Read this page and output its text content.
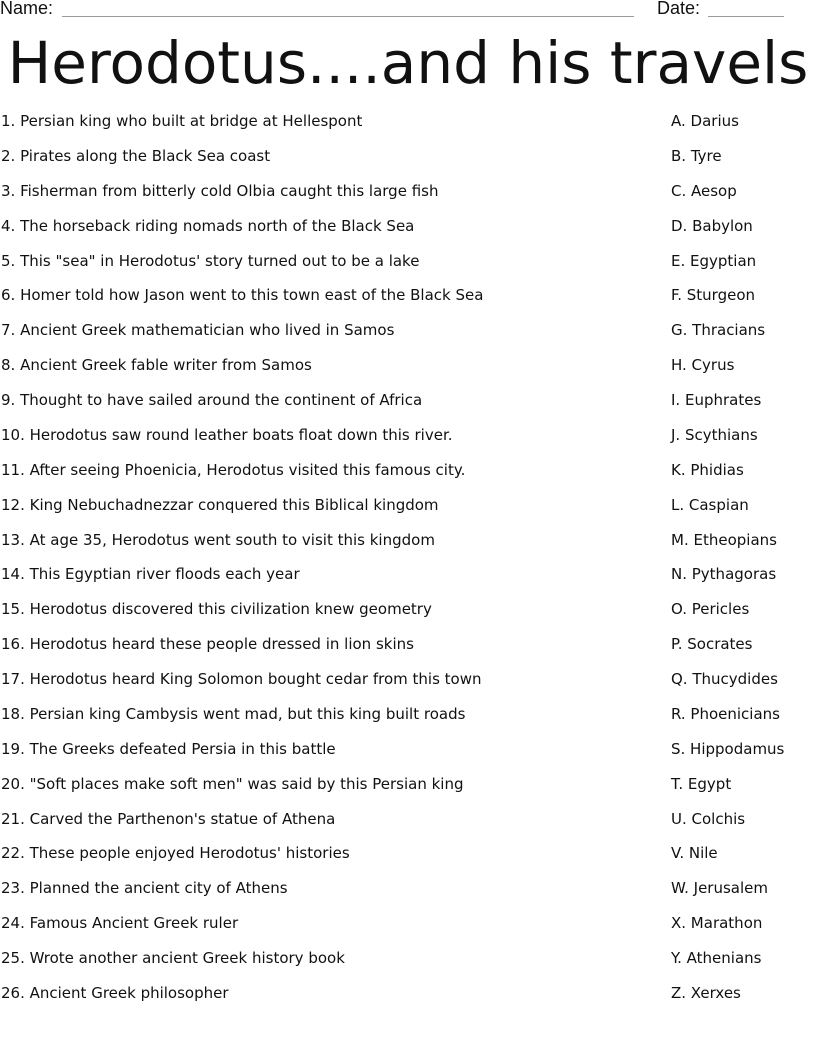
Name:	Date:
Herodotus....and his travels
1. Persian king who built at bridge at Hellespont
2. Pirates along the Black Sea coast
3. Fisherman from bitterly cold Olbia caught this large fish
4. The horseback riding nomads north of the Black Sea
5. This "sea" in Herodotus' story turned out to be a lake
6. Homer told how Jason went to this town east of the Black Sea
7. Ancient Greek mathematician who lived in Samos
8. Ancient Greek fable writer from Samos
9. Thought to have sailed around the continent of Africa
10. Herodotus saw round leather boats float down this river.
11. After seeing Phoenicia, Herodotus visited this famous city.
12. King Nebuchadnezzar conquered this Biblical kingdom
13. At age 35, Herodotus went south to visit this kingdom
14. This Egyptian river floods each year
15. Herodotus discovered this civilization knew geometry
16. Herodotus heard these people dressed in lion skins
17. Herodotus heard King Solomon bought cedar from this town
18. Persian king Cambysis went mad, but this king built roads
19. The Greeks defeated Persia in this battle
20. "Soft places make soft men" was said by this Persian king
21. Carved the Parthenon's statue of Athena
22. These people enjoyed Herodotus' histories
23. Planned the ancient city of Athens
24. Famous Ancient Greek ruler
25. Wrote another ancient Greek history book
26. Ancient Greek philosopher
A. Darius
B. Tyre
C. Aesop
D. Babylon
E. Egyptian
F. Sturgeon
G. Thracians
H. Cyrus
I. Euphrates
J. Scythians
K. Phidias
L. Caspian
M. Etheopians
N. Pythagoras
O. Pericles
P. Socrates
Q. Thucydides
R. Phoenicians
S. Hippodamus
T. Egypt
U. Colchis
V. Nile
W. Jerusalem
X. Marathon
Y. Athenians
Z. Xerxes
